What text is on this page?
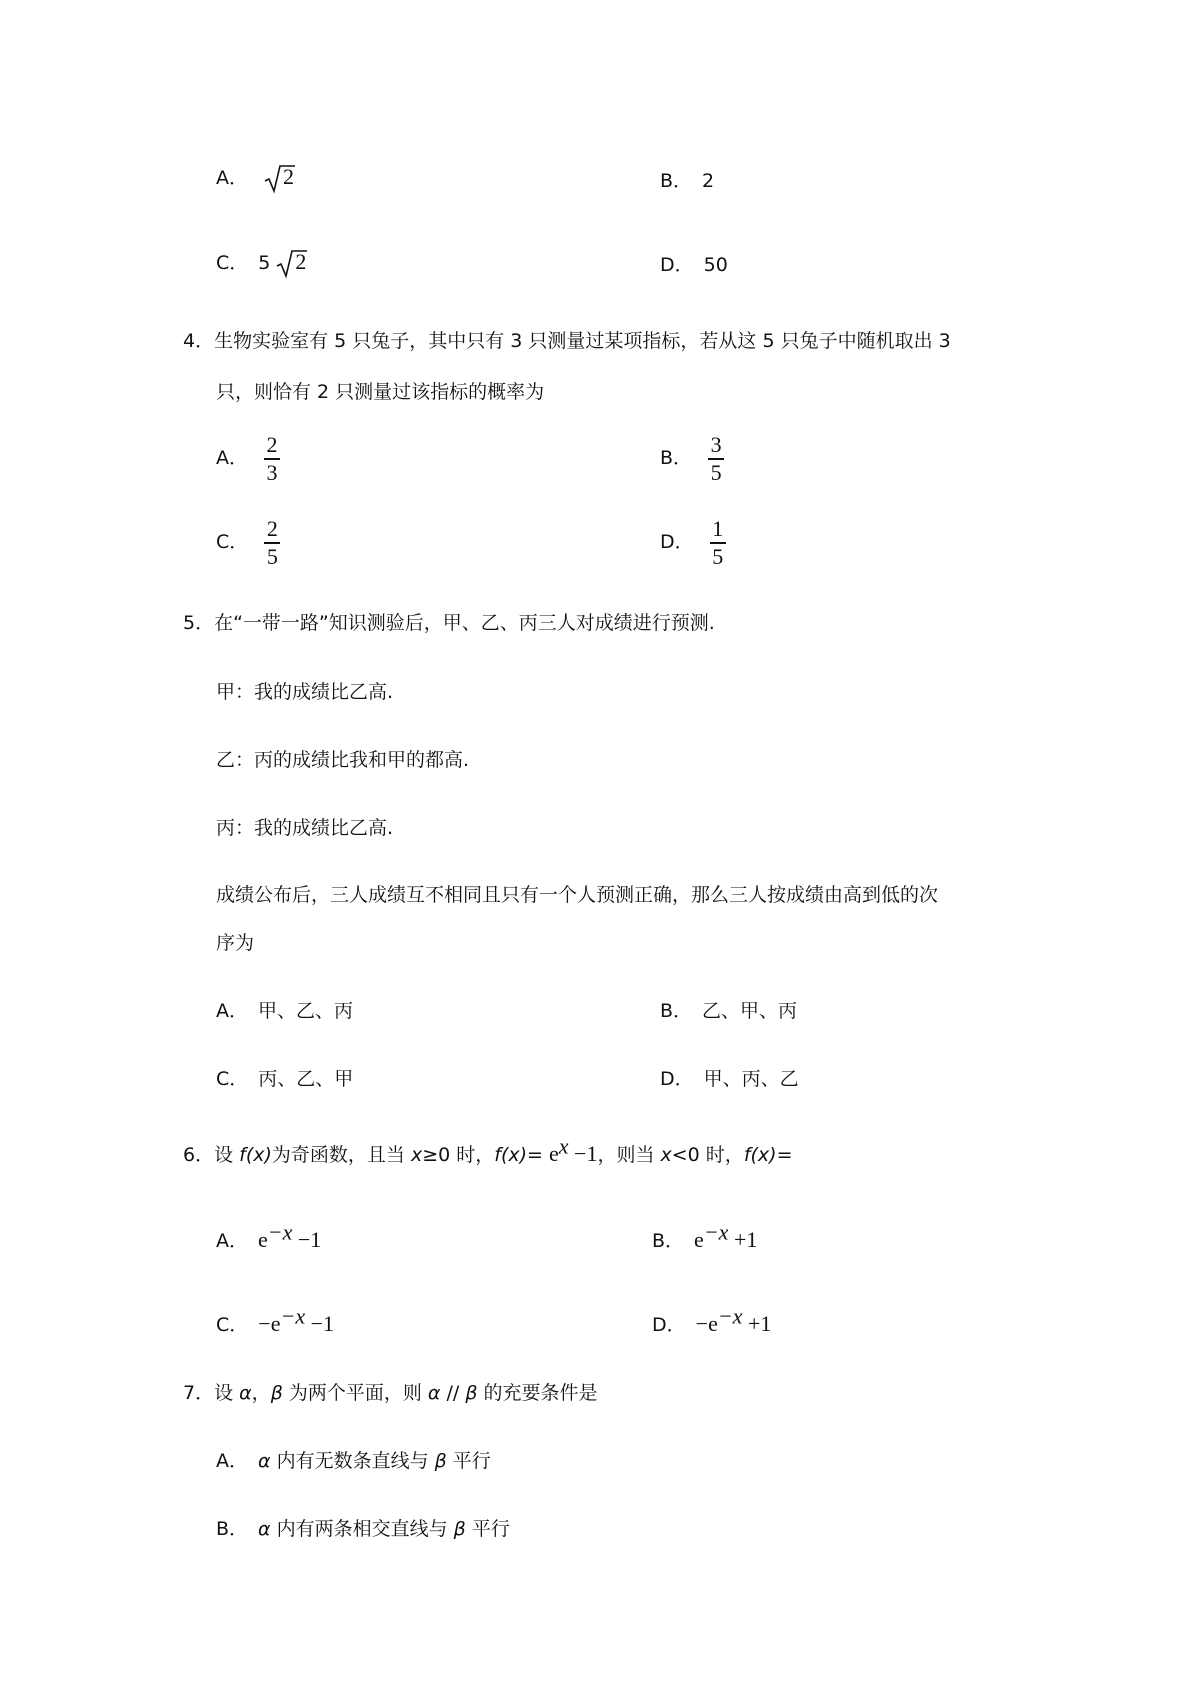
A． 2	B． 2
C． 5 2	D． 50
4．生物实验室有 5 只兔子，其中只有 3 只测量过某项指标，若从这 5 只兔子中随机取出 3
只，则恰有 2 只测量过该指标的概率为
A． $\frac{2}{3}$	B． $\frac{3}{5}$
C． $\frac{2}{5}$	D． $\frac{1}{5}$
5．在“一带一路”知识测验后，甲、乙、丙三人对成绩进行预测.
甲：我的成绩比乙高.
乙：丙的成绩比我和甲的都高.
丙：我的成绩比乙高.
成绩公布后，三人成绩互不相同且只有一个人预测正确，那么三人按成绩由高到低的次
序为
A． 甲、乙、丙	B． 乙、甲、丙
C． 丙、乙、甲	D． 甲、丙、乙
6．设 f(x)为奇函数，且当 x≥0 时，$f(x)= e^x -1$，则当 x<0 时，f(x)=
A． $e^{-x} -1$	B． $e^{-x} +1$
C． $-e^{-x} -1$	D． $-e^{-x} +1$
7．设 α，β 为两个平面，则 α // β 的充要条件是
A． α 内有无数条直线与 β 平行
B． α 内有两条相交直线与 β 平行
